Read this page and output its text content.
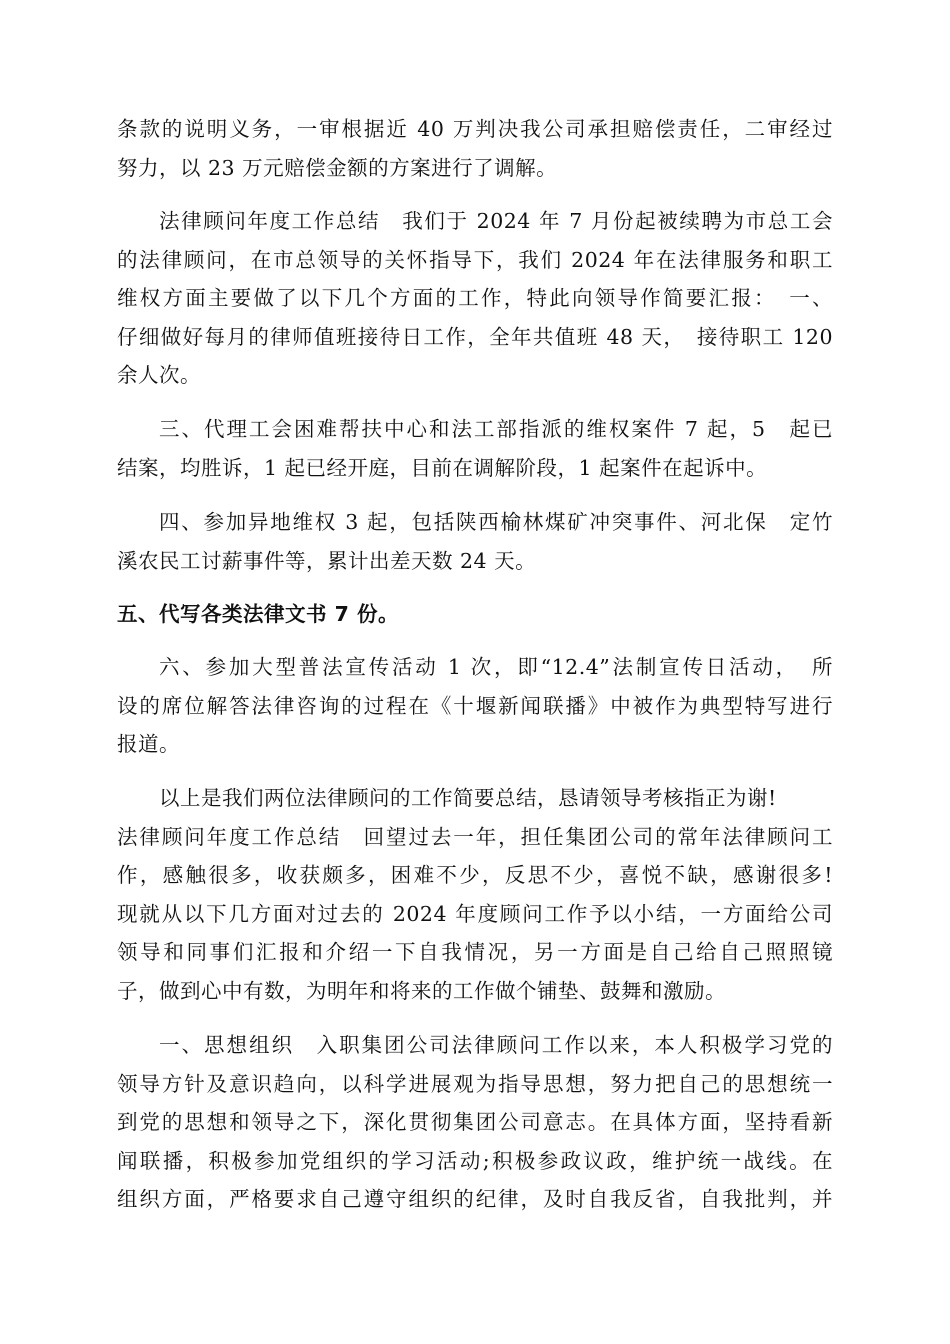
条款的说明义务，一审根据近 40 万判决我公司承担赔偿责任，二审经过
努力，以 23 万元赔偿金额的方案进行了调解。
法律顾问年度工作总结　我们于 2024 年 7 月份起被续聘为市总工会
的法律顾问，在市总领导的关怀指导下，我们 2024 年在法律服务和职工
维权方面主要做了以下几个方面的工作，特此向领导作简要汇报：　一、
仔细做好每月的律师值班接待日工作，全年共值班 48 天，　接待职工 120
余人次。
三、代理工会困难帮扶中心和法工部指派的维权案件 7 起，5　起已
结案，均胜诉，1 起已经开庭，目前在调解阶段，1 起案件在起诉中。
四、参加异地维权 3 起，包括陕西榆林煤矿冲突事件、河北保　定竹
溪农民工讨薪事件等，累计出差天数 24 天。
五、代写各类法律文书 7 份。
六、参加大型普法宣传活动 1 次，即“12.4”法制宣传日活动，　所
设的席位解答法律咨询的过程在《十堰新闻联播》中被作为典型特写进行
报道。
以上是我们两位法律顾问的工作简要总结，恳请领导考核指正为谢!
法律顾问年度工作总结　回望过去一年，担任集团公司的常年法律顾问工
作，感触很多，收获颇多，困难不少，反思不少，喜悦不缺，感谢很多!
现就从以下几方面对过去的 2024 年度顾问工作予以小结，一方面给公司
领导和同事们汇报和介绍一下自我情况，另一方面是自己给自己照照镜
子，做到心中有数，为明年和将来的工作做个铺垫、鼓舞和激励。
一、思想组织　入职集团公司法律顾问工作以来，本人积极学习党的
领导方针及意识趋向，以科学进展观为指导思想，努力把自己的思想统一
到党的思想和领导之下，深化贯彻集团公司意志。在具体方面，坚持看新
闻联播，积极参加党组织的学习活动;积极参政议政，维护统一战线。在
组织方面，严格要求自己遵守组织的纪律，及时自我反省，自我批判，并
